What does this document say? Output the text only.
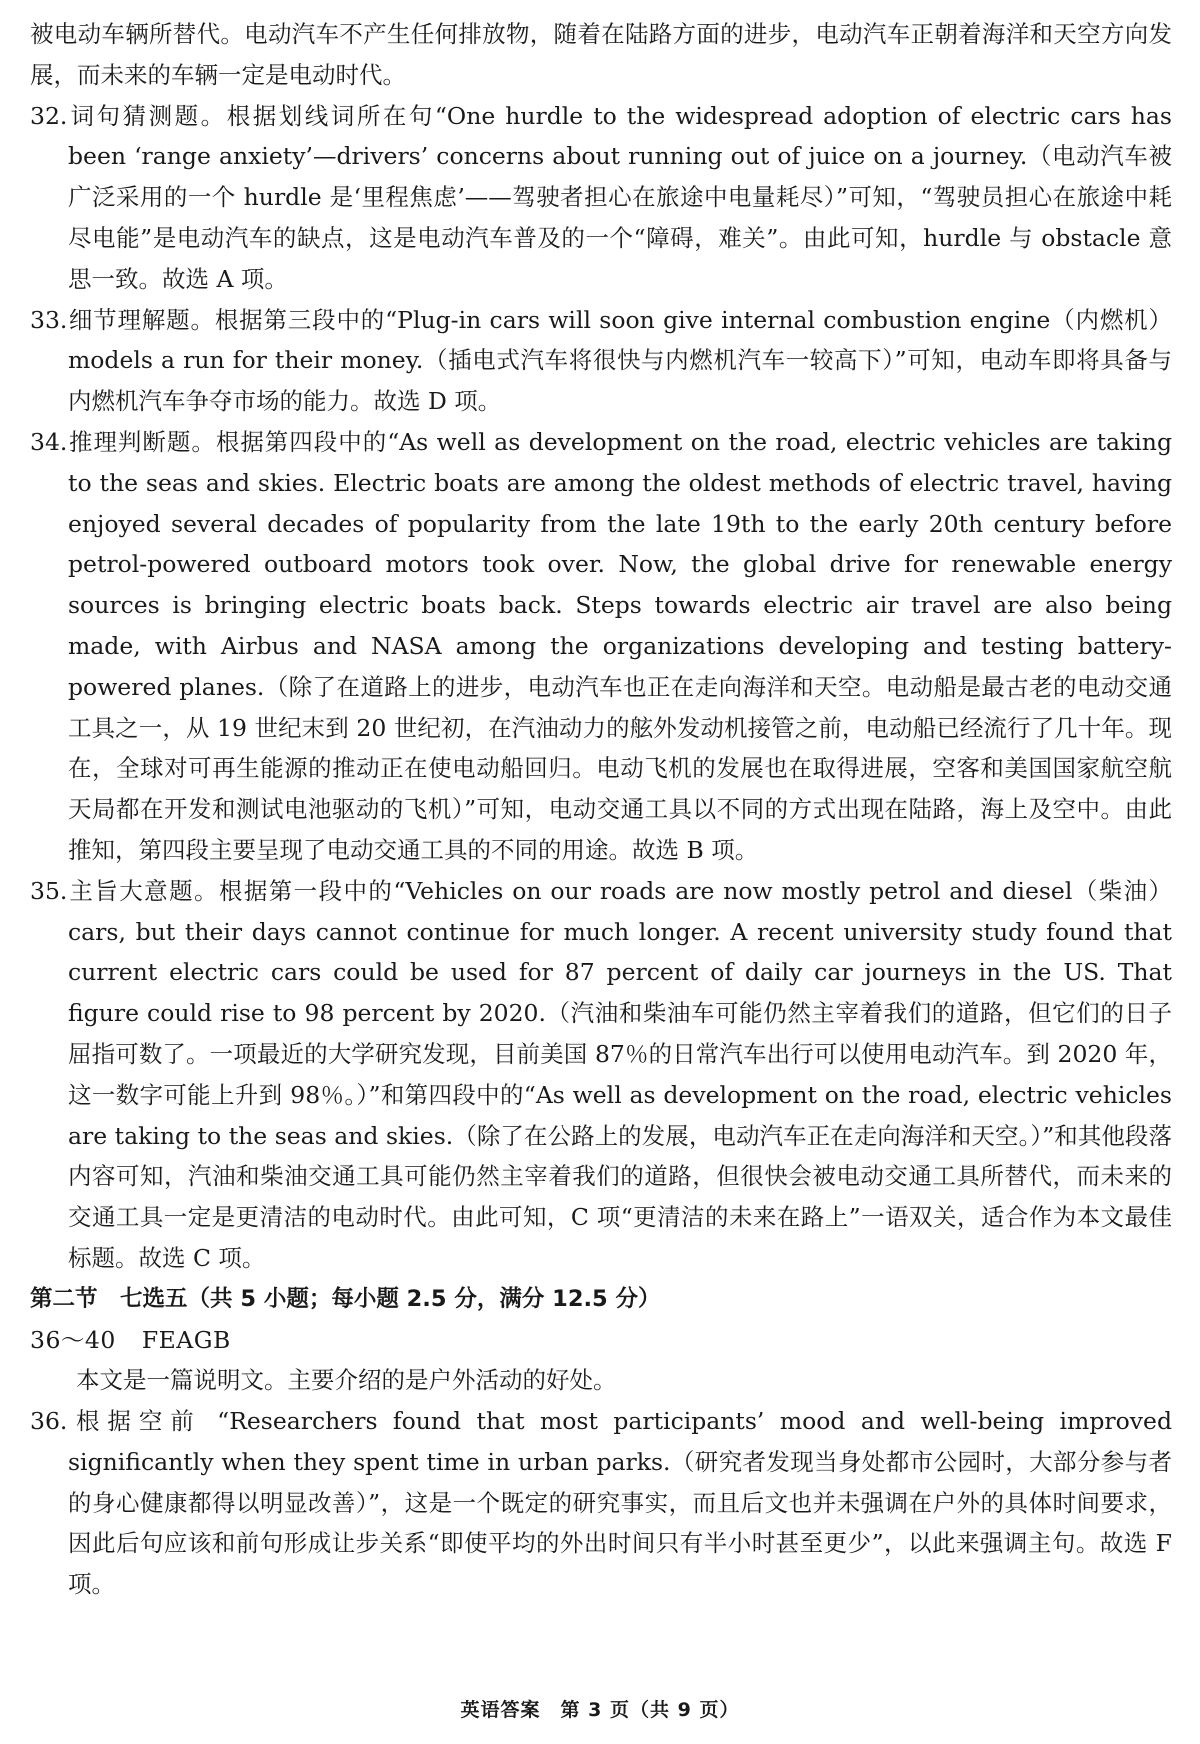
被电动车辆所替代。电动汽车不产生任何排放物，随着在陆路方面的进步，电动汽车正朝着海洋和天空方向发展，而未来的车辆一定是电动时代。

32.词句猜测题。根据划线词所在句“One hurdle to the widespread adoption of electric cars has been ‘range anxiety’—drivers’ concerns about running out of juice on a journey.（电动汽车被广泛采用的一个 hurdle 是‘里程焦虑’——驾驶者担心在旅途中电量耗尽）”可知，“驾驶员担心在旅途中耗尽电能”是电动汽车的缺点，这是电动汽车普及的一个“障碍，难关”。由此可知，hurdle 与 obstacle 意思一致。故选 A 项。

33.细节理解题。根据第三段中的“Plug-in cars will soon give internal combustion engine（内燃机）models a run for their money.（插电式汽车将很快与内燃机汽车一较高下）”可知，电动车即将具备与内燃机汽车争夺市场的能力。故选 D 项。

34.推理判断题。根据第四段中的“As well as development on the road, electric vehicles are taking to the seas and skies. Electric boats are among the oldest methods of electric travel, having enjoyed several decades of popularity from the late 19th to the early 20th century before petrol-powered outboard motors took over. Now, the global drive for renewable energy sources is bringing electric boats back. Steps towards electric air travel are also being made, with Airbus and NASA among the organizations developing and testing battery-powered planes.（除了在道路上的进步，电动汽车也正在走向海洋和天空。电动船是最古老的电动交通工具之一，从 19 世纪末到 20 世纪初，在汽油动力的舷外发动机接管之前，电动船已经流行了几十年。现在，全球对可再生能源的推动正在使电动船回归。电动飞机的发展也在取得进展，空客和美国国家航空航天局都在开发和测试电池驱动的飞机）”可知，电动交通工具以不同的方式出现在陆路，海上及空中。由此推知，第四段主要呈现了电动交通工具的不同的用途。故选 B 项。

35.主旨大意题。根据第一段中的“Vehicles on our roads are now mostly petrol and diesel（柴油）cars, but their days cannot continue for much longer. A recent university study found that current electric cars could be used for 87 percent of daily car journeys in the US. That figure could rise to 98 percent by 2020.（汽油和柴油车可能仍然主宰着我们的道路，但它们的日子屈指可数了。一项最近的大学研究发现，目前美国 87％的日常汽车出行可以使用电动汽车。到 2020 年，这一数字可能上升到 98％。）”和第四段中的“As well as development on the road, electric vehicles are taking to the seas and skies.（除了在公路上的发展，电动汽车正在走向海洋和天空。）”和其他段落内容可知，汽油和柴油交通工具可能仍然主宰着我们的道路，但很快会被电动交通工具所替代，而未来的交通工具一定是更清洁的电动时代。由此可知，C 项“更清洁的未来在路上”一语双关，适合作为本文最佳标题。故选 C 项。

第二节　七选五（共 5 小题；每小题 2.5 分，满分 12.5 分）

36～40 FEAGB

本文是一篇说明文。主要介绍的是户外活动的好处。

36.根据空前 “Researchers found that most participants’ mood and well-being improved significantly when they spent time in urban parks.（研究者发现当身处都市公园时，大部分参与者的身心健康都得以明显改善）”，这是一个既定的研究事实，而且后文也并未强调在户外的具体时间要求，因此后句应该和前句形成让步关系“即使平均的外出时间只有半小时甚至更少”，以此来强调主句。故选 F 项。

英语答案　第 3 页（共 9 页）
